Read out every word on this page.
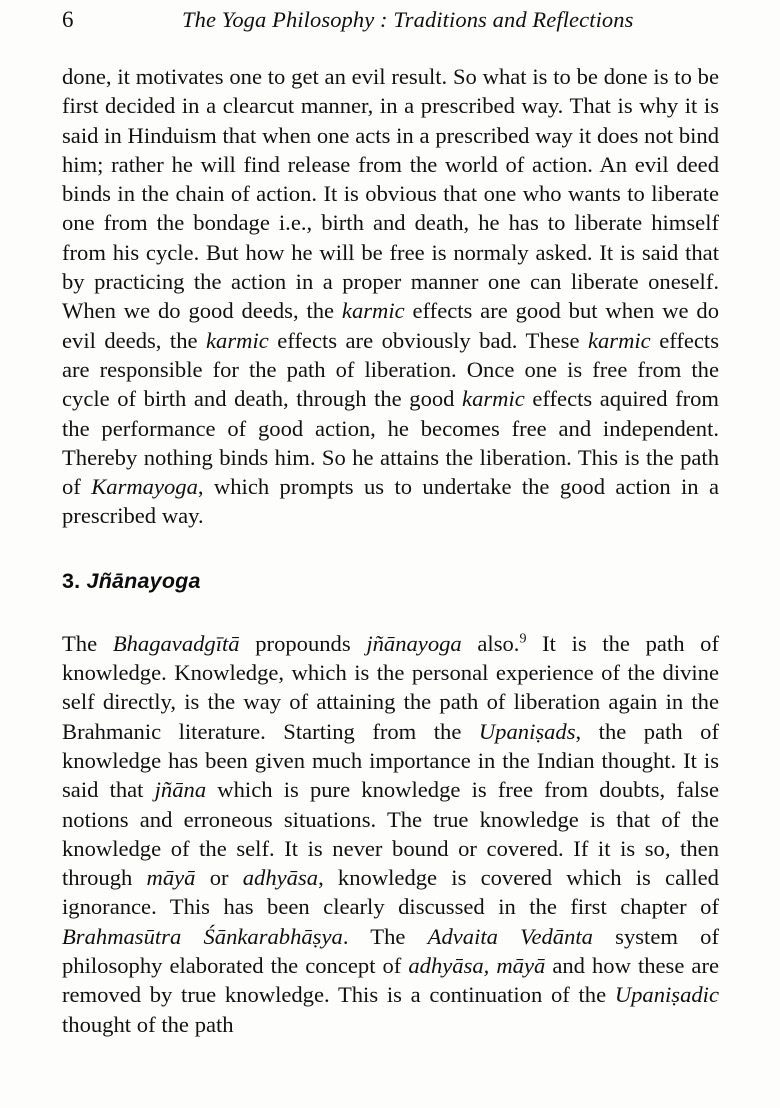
6	The Yoga Philosophy : Traditions and Reflections

done, it motivates one to get an evil result. So what is to be done is to be first decided in a clearcut manner, in a prescribed way. That is why it is said in Hinduism that when one acts in a prescribed way it does not bind him; rather he will find release from the world of action. An evil deed binds in the chain of action. It is obvious that one who wants to liberate one from the bondage i.e., birth and death, he has to liberate himself from his cycle. But how he will be free is normaly asked. It is said that by practicing the action in a proper manner one can liberate oneself. When we do good deeds, the karmic effects are good but when we do evil deeds, the karmic effects are obviously bad. These karmic effects are responsible for the path of liberation. Once one is free from the cycle of birth and death, through the good karmic effects aquired from the performance of good action, he becomes free and independent. Thereby nothing binds him. So he attains the liberation. This is the path of Karmayoga, which prompts us to undertake the good action in a prescribed way.

3. Jñānayoga

The Bhagavadgītā propounds jñānayoga also.$^9$ It is the path of knowledge. Knowledge, which is the personal experience of the divine self directly, is the way of attaining the path of liberation again in the Brahmanic literature. Starting from the Upaniṣads, the path of knowledge has been given much importance in the Indian thought. It is said that jñāna which is pure knowledge is free from doubts, false notions and erroneous situations. The true knowledge is that of the knowledge of the self. It is never bound or covered. If it is so, then through māyā or adhyāsa, knowledge is covered which is called ignorance. This has been clearly discussed in the first chapter of Brahmasūtra Śānkarabhāṣya. The Advaita Vedānta system of philosophy elaborated the concept of adhyāsa, māyā and how these are removed by true knowledge. This is a continuation of the Upaniṣadic thought of the path
